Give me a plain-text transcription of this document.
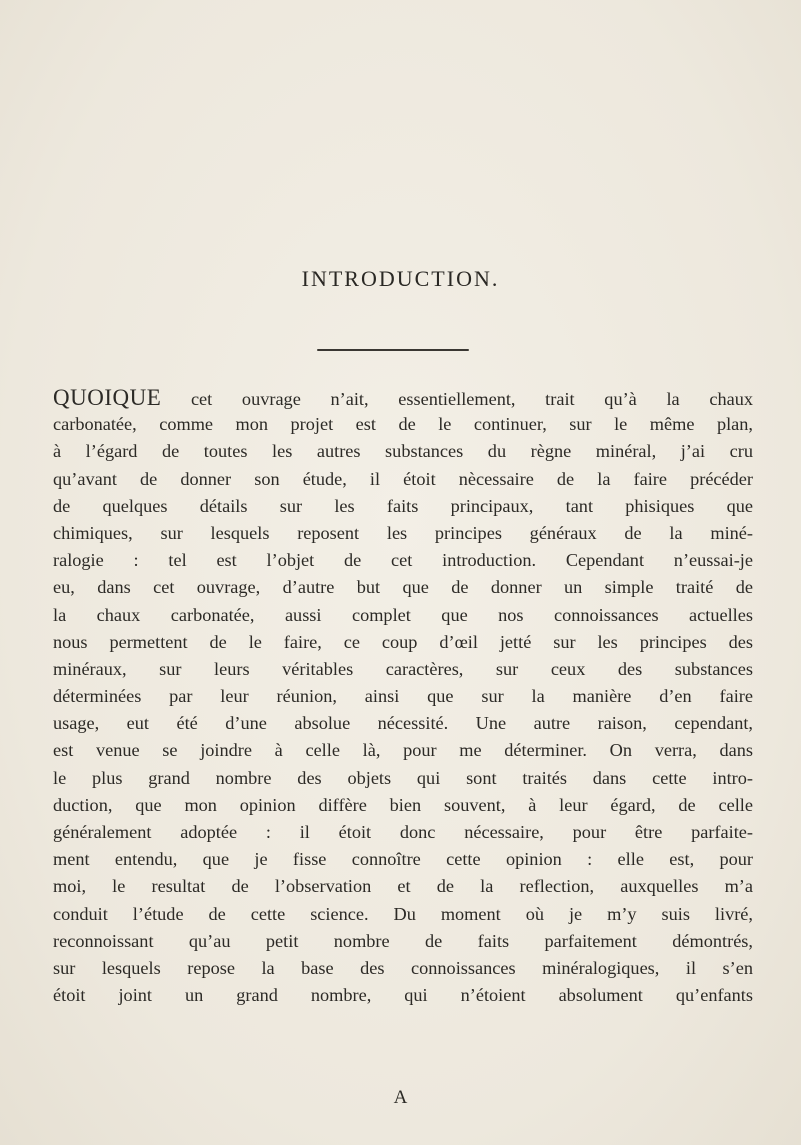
INTRODUCTION.
QUOIQUE cet ouvrage n’ait, essentiellement, trait qu’à la chaux
carbonatée, comme mon projet est de le continuer, sur le même plan,
à l’égard de toutes les autres substances du règne minéral, j’ai cru
qu’avant de donner son étude, il étoit nècessaire de la faire précéder
de quelques détails sur les faits principaux, tant phisiques que
chimiques, sur lesquels reposent les principes généraux de la miné-
ralogie : tel est l’objet de cet introduction. Cependant n’eussai-je
eu, dans cet ouvrage, d’autre but que de donner un simple traité de
la chaux carbonatée, aussi complet que nos connoissances actuelles
nous permettent de le faire, ce coup d’œil jetté sur les principes des
minéraux, sur leurs véritables caractères, sur ceux des substances
déterminées par leur réunion, ainsi que sur la manière d’en faire
usage, eut été d’une absolue nécessité. Une autre raison, cependant,
est venue se joindre à celle là, pour me déterminer. On verra, dans
le plus grand nombre des objets qui sont traités dans cette intro-
duction, que mon opinion diffère bien souvent, à leur égard, de celle
généralement adoptée : il étoit donc nécessaire, pour être parfaite-
ment entendu, que je fisse connoître cette opinion : elle est, pour
moi, le resultat de l’observation et de la reflection, auxquelles m’a
conduit l’étude de cette science. Du moment où je m’y suis livré,
reconnoissant qu’au petit nombre de faits parfaitement démontrés,
sur lesquels repose la base des connoissances minéralogiques, il s’en
étoit joint un grand nombre, qui n’étoient absolument qu’enfants
A
